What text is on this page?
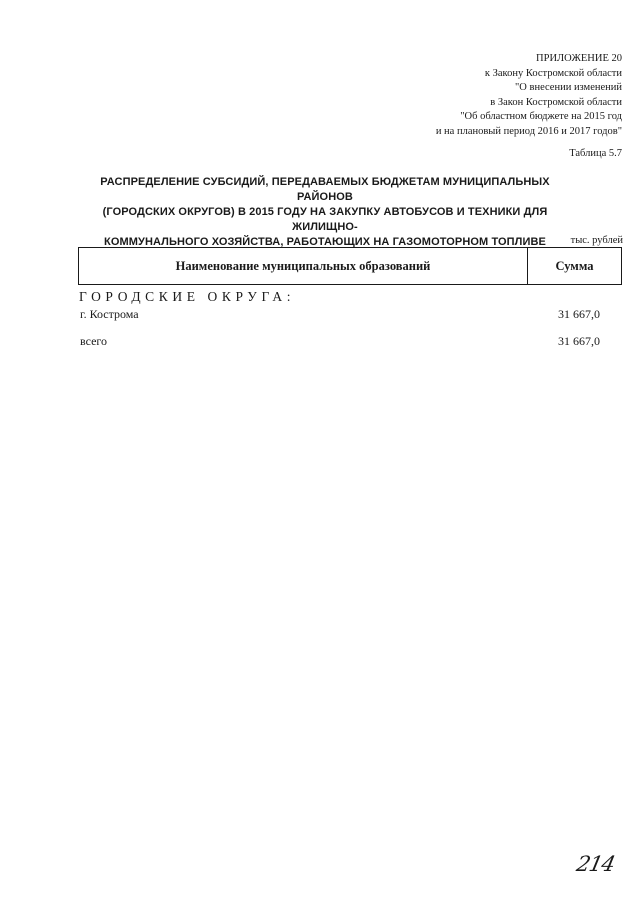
ПРИЛОЖЕНИЕ 20
к Закону Костромской области
"О внесении изменений
в Закон Костромской области
"Об областном бюджете на 2015 год
и на плановый период 2016 и 2017 годов"
Таблица 5.7
РАСПРЕДЕЛЕНИЕ СУБСИДИЙ, ПЕРЕДАВАЕМЫХ БЮДЖЕТАМ МУНИЦИПАЛЬНЫХ РАЙОНОВ
(ГОРОДСКИХ ОКРУГОВ) В 2015 ГОДУ НА ЗАКУПКУ АВТОБУСОВ И ТЕХНИКИ ДЛЯ ЖИЛИЩНО-
КОММУНАЛЬНОГО ХОЗЯЙСТВА, РАБОТАЮЩИХ НА ГАЗОМОТОРНОМ ТОПЛИВЕ	тыс. рублей
Наименование муниципальных образований	Сумма
ГОРОДСКИЕ ОКРУГА:
г. Кострома	31 667,0
всего	31 667,0
214
